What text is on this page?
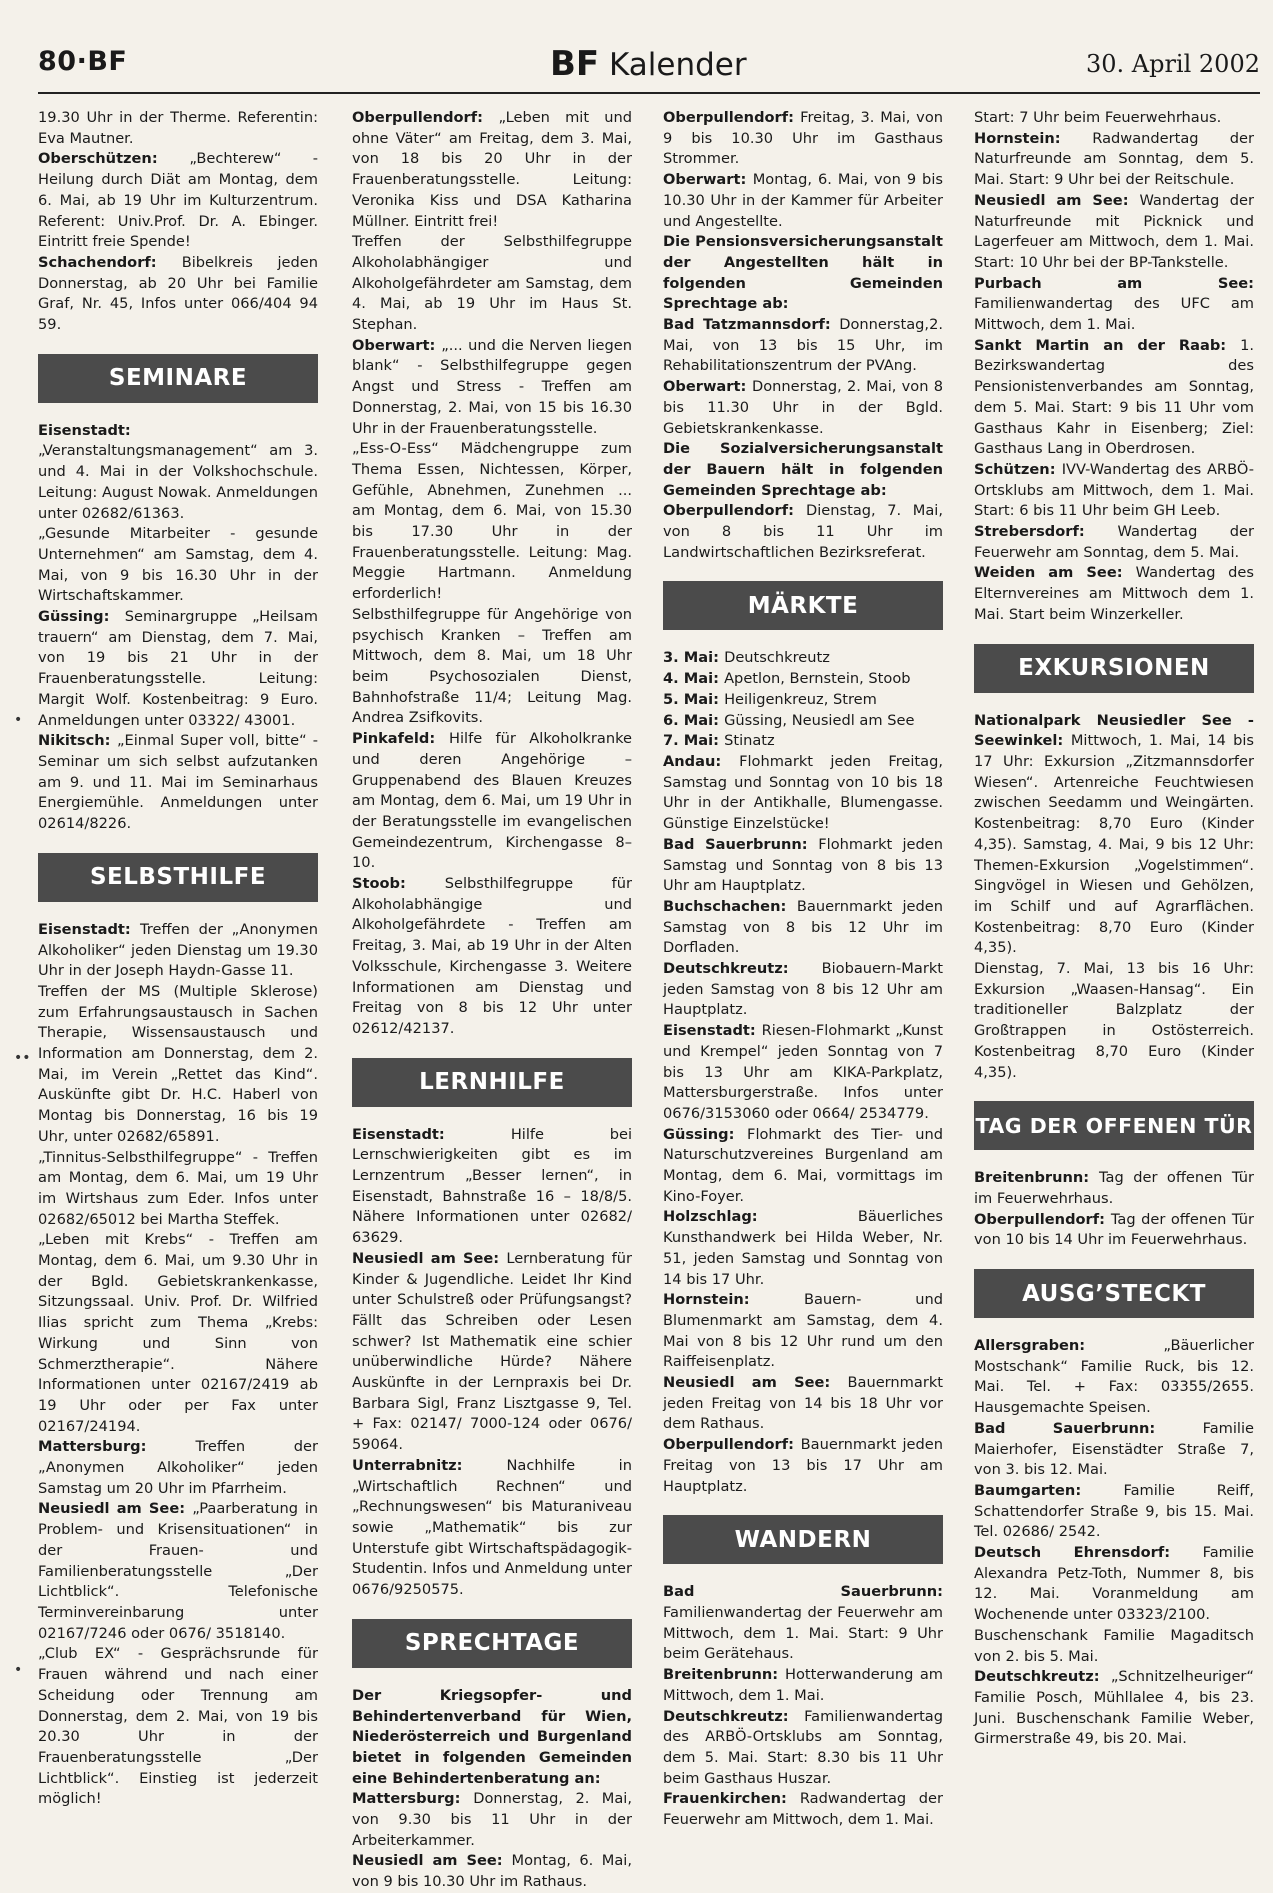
80·BF	BF Kalender	30. April 2002

19.30 Uhr in der Therme. Referentin: Eva Mautner.

Oberschützen: „Bechterew“ - Heilung durch Diät am Montag, dem 6. Mai, ab 19 Uhr im Kulturzentrum. Referent: Univ.Prof. Dr. A. Ebinger. Eintritt freie Spende!

Schachendorf: Bibelkreis jeden Donnerstag, ab 20 Uhr bei Familie Graf, Nr. 45, Infos unter 066/404 94 59.

SEMINARE

Eisenstadt: „Veranstaltungsmanagement“ am 3. und 4. Mai in der Volkshochschule. Leitung: August Nowak. Anmeldungen unter 02682/61363.

„Gesunde Mitarbeiter - gesunde Unternehmen“ am Samstag, dem 4. Mai, von 9 bis 16.30 Uhr in der Wirtschaftskammer.

Güssing: Seminargruppe „Heilsam trauern“ am Dienstag, dem 7. Mai, von 19 bis 21 Uhr in der Frauenberatungsstelle. Leitung: Margit Wolf. Kostenbeitrag: 9 Euro. Anmeldungen unter 03322/ 43001.

Nikitsch: „Einmal Super voll, bitte“ - Seminar um sich selbst aufzutanken am 9. und 11. Mai im Seminarhaus Energiemühle. Anmeldungen unter 02614/8226.

SELBSTHILFE

Eisenstadt: Treffen der „Anonymen Alkoholiker“ jeden Dienstag um 19.30 Uhr in der Joseph Haydn-Gasse 11.

Treffen der MS (Multiple Sklerose) zum Erfahrungsaustausch in Sachen Therapie, Wissensaustausch und Information am Donnerstag, dem 2. Mai, im Verein „Rettet das Kind“. Auskünfte gibt Dr. H.C. Haberl von Montag bis Donnerstag, 16 bis 19 Uhr, unter 02682/65891.

„Tinnitus-Selbsthilfegruppe“ - Treffen am Montag, dem 6. Mai, um 19 Uhr im Wirtshaus zum Eder. Infos unter 02682/65012 bei Martha Steffek.

„Leben mit Krebs“ - Treffen am Montag, dem 6. Mai, um 9.30 Uhr in der Bgld. Gebietskrankenkasse, Sitzungssaal. Univ. Prof. Dr. Wilfried Ilias spricht zum Thema „Krebs: Wirkung und Sinn von Schmerztherapie“. Nähere Informationen unter 02167/2419 ab 19 Uhr oder per Fax unter 02167/24194.

Mattersburg: Treffen der „Anonymen Alkoholiker“ jeden Samstag um 20 Uhr im Pfarrheim.

Neusiedl am See: „Paarberatung in Problem- und Krisensituationen“ in der Frauen- und Familienberatungsstelle „Der Lichtblick“. Telefonische Terminvereinbarung unter 02167/7246 oder 0676/ 3518140.

„Club EX“ - Gesprächsrunde für Frauen während und nach einer Scheidung oder Trennung am Donnerstag, dem 2. Mai, von 19 bis 20.30 Uhr in der Frauenberatungsstelle „Der Lichtblick“. Einstieg ist jederzeit möglich!

Oberpullendorf: „Leben mit und ohne Väter“ am Freitag, dem 3. Mai, von 18 bis 20 Uhr in der Frauenberatungsstelle. Leitung: Veronika Kiss und DSA Katharina Müllner. Eintritt frei!

Treffen der Selbsthilfegruppe Alkoholabhängiger und Alkoholgefährdeter am Samstag, dem 4. Mai, ab 19 Uhr im Haus St. Stephan.

Oberwart: „... und die Nerven liegen blank“ - Selbsthilfegruppe gegen Angst und Stress - Treffen am Donnerstag, 2. Mai, von 15 bis 16.30 Uhr in der Frauenberatungsstelle.

„Ess-O-Ess“ Mädchengruppe zum Thema Essen, Nichtessen, Körper, Gefühle, Abnehmen, Zunehmen ... am Montag, dem 6. Mai, von 15.30 bis 17.30 Uhr in der Frauenberatungsstelle. Leitung: Mag. Meggie Hartmann. Anmeldung erforderlich!

Selbsthilfegruppe für Angehörige von psychisch Kranken – Treffen am Mittwoch, dem 8. Mai, um 18 Uhr beim Psychosozialen Dienst, Bahnhofstraße 11/4; Leitung Mag. Andrea Zsifkovits.

Pinkafeld: Hilfe für Alkoholkranke und deren Angehörige – Gruppenabend des Blauen Kreuzes am Montag, dem 6. Mai, um 19 Uhr in der Beratungsstelle im evangelischen Gemeindezentrum, Kirchengasse 8–10.

Stoob: Selbsthilfegruppe für Alkoholabhängige und Alkoholgefährdete - Treffen am Freitag, 3. Mai, ab 19 Uhr in der Alten Volksschule, Kirchengasse 3. Weitere Informationen am Dienstag und Freitag von 8 bis 12 Uhr unter 02612/42137.

LERNHILFE

Eisenstadt: Hilfe bei Lernschwierigkeiten gibt es im Lernzentrum „Besser lernen“, in Eisenstadt, Bahnstraße 16 – 18/8/5. Nähere Informationen unter 02682/ 63629.

Neusiedl am See: Lernberatung für Kinder & Jugendliche. Leidet Ihr Kind unter Schulstreß oder Prüfungsangst? Fällt das Schreiben oder Lesen schwer? Ist Mathematik eine schier unüberwindliche Hürde? Nähere Auskünfte in der Lernpraxis bei Dr. Barbara Sigl, Franz Lisztgasse 9, Tel. + Fax: 02147/ 7000-124 oder 0676/ 59064.

Unterrabnitz: Nachhilfe in „Wirtschaftlich Rechnen“ und „Rechnungswesen“ bis Maturaniveau sowie „Mathematik“ bis zur Unterstufe gibt Wirtschaftspädagogik-Studentin. Infos und Anmeldung unter 0676/9250575.

SPRECHTAGE

Der Kriegsopfer- und Behindertenverband für Wien, Niederösterreich und Burgenland bietet in folgenden Gemeinden eine Behindertenberatung an:

Mattersburg: Donnerstag, 2. Mai, von 9.30 bis 11 Uhr in der Arbeiterkammer.

Neusiedl am See: Montag, 6. Mai, von 9 bis 10.30 Uhr im Rathaus.

Oberpullendorf: Freitag, 3. Mai, von 9 bis 10.30 Uhr im Gasthaus Strommer.

Oberwart: Montag, 6. Mai, von 9 bis 10.30 Uhr in der Kammer für Arbeiter und Angestellte.

Die Pensionsversicherungsanstalt der Angestellten hält in folgenden Gemeinden Sprechtage ab:

Bad Tatzmannsdorf: Donnerstag,2. Mai, von 13 bis 15 Uhr, im Rehabilitationszentrum der PVAng.

Oberwart: Donnerstag, 2. Mai, von 8 bis 11.30 Uhr in der Bgld. Gebietskrankenkasse.

Die Sozialversicherungsanstalt der Bauern hält in folgenden Gemeinden Sprechtage ab:

Oberpullendorf: Dienstag, 7. Mai, von 8 bis 11 Uhr im Landwirtschaftlichen Bezirksreferat.

MÄRKTE

3. Mai: Deutschkreutz

4. Mai: Apetlon, Bernstein, Stoob

5. Mai: Heiligenkreuz, Strem

6. Mai: Güssing, Neusiedl am See

7. Mai: Stinatz

Andau: Flohmarkt jeden Freitag, Samstag und Sonntag von 10 bis 18 Uhr in der Antikhalle, Blumengasse. Günstige Einzelstücke!

Bad Sauerbrunn: Flohmarkt jeden Samstag und Sonntag von 8 bis 13 Uhr am Hauptplatz.

Buchschachen: Bauernmarkt jeden Samstag von 8 bis 12 Uhr im Dorfladen.

Deutschkreutz: Biobauern-Markt jeden Samstag von 8 bis 12 Uhr am Hauptplatz.

Eisenstadt: Riesen-Flohmarkt „Kunst und Krempel“ jeden Sonntag von 7 bis 13 Uhr am KIKA-Parkplatz, Mattersburgerstraße. Infos unter 0676/3153060 oder 0664/ 2534779.

Güssing: Flohmarkt des Tier- und Naturschutzvereines Burgenland am Montag, dem 6. Mai, vormittags im Kino-Foyer.

Holzschlag: Bäuerliches Kunsthandwerk bei Hilda Weber, Nr. 51, jeden Samstag und Sonntag von 14 bis 17 Uhr.

Hornstein: Bauern- und Blumenmarkt am Samstag, dem 4. Mai von 8 bis 12 Uhr rund um den Raiffeisenplatz.

Neusiedl am See: Bauernmarkt jeden Freitag von 14 bis 18 Uhr vor dem Rathaus.

Oberpullendorf: Bauernmarkt jeden Freitag von 13 bis 17 Uhr am Hauptplatz.

WANDERN

Bad Sauerbrunn: Familienwandertag der Feuerwehr am Mittwoch, dem 1. Mai. Start: 9 Uhr beim Gerätehaus.

Breitenbrunn: Hotterwanderung am Mittwoch, dem 1. Mai.

Deutschkreutz: Familienwandertag des ARBÖ-Ortsklubs am Sonntag, dem 5. Mai. Start: 8.30 bis 11 Uhr beim Gasthaus Huszar.

Frauenkirchen: Radwandertag der Feuerwehr am Mittwoch, dem 1. Mai.

Start: 7 Uhr beim Feuerwehrhaus.

Hornstein: Radwandertag der Naturfreunde am Sonntag, dem 5. Mai. Start: 9 Uhr bei der Reitschule.

Neusiedl am See: Wandertag der Naturfreunde mit Picknick und Lagerfeuer am Mittwoch, dem 1. Mai. Start: 10 Uhr bei der BP-Tankstelle.

Purbach am See: Familienwandertag des UFC am Mittwoch, dem 1. Mai.

Sankt Martin an der Raab: 1. Bezirkswandertag des Pensionistenverbandes am Sonntag, dem 5. Mai. Start: 9 bis 11 Uhr vom Gasthaus Kahr in Eisenberg; Ziel: Gasthaus Lang in Oberdrosen.

Schützen: IVV-Wandertag des ARBÖ-Ortsklubs am Mittwoch, dem 1. Mai. Start: 6 bis 11 Uhr beim GH Leeb.

Strebersdorf: Wandertag der Feuerwehr am Sonntag, dem 5. Mai.

Weiden am See: Wandertag des Elternvereines am Mittwoch dem 1. Mai. Start beim Winzerkeller.

EXKURSIONEN

Nationalpark Neusiedler See - Seewinkel: Mittwoch, 1. Mai, 14 bis 17 Uhr: Exkursion „Zitzmannsdorfer Wiesen“. Artenreiche Feuchtwiesen zwischen Seedamm und Weingärten. Kostenbeitrag: 8,70 Euro (Kinder 4,35). Samstag, 4. Mai, 9 bis 12 Uhr: Themen-Exkursion „Vogelstimmen“. Singvögel in Wiesen und Gehölzen, im Schilf und auf Agrarflächen. Kostenbeitrag: 8,70 Euro (Kinder 4,35).

Dienstag, 7. Mai, 13 bis 16 Uhr: Exkursion „Waasen-Hansag“. Ein traditioneller Balzplatz der Großtrappen in Ostösterreich. Kostenbeitrag 8,70 Euro (Kinder 4,35).

TAG DER OFFENEN TÜR

Breitenbrunn: Tag der offenen Tür im Feuerwehrhaus.

Oberpullendorf: Tag der offenen Tür von 10 bis 14 Uhr im Feuerwehrhaus.

AUSG’STECKT

Allersgraben: „Bäuerlicher Mostschank“ Familie Ruck, bis 12. Mai. Tel. + Fax: 03355/2655. Hausgemachte Speisen.

Bad Sauerbrunn: Familie Maierhofer, Eisenstädter Straße 7, von 3. bis 12. Mai.

Baumgarten: Familie Reiff, Schattendorfer Straße 9, bis 15. Mai. Tel. 02686/ 2542.

Deutsch Ehrensdorf: Familie Alexandra Petz-Toth, Nummer 8, bis 12. Mai. Voranmeldung am Wochenende unter 03323/2100.

Buschenschank Familie Magaditsch von 2. bis 5. Mai.

Deutschkreutz: „Schnitzelheuriger“ Familie Posch, Mühllalee 4, bis 23. Juni. Buschenschank Familie Weber, Girmerstraße 49, bis 20. Mai.

•
••
•
